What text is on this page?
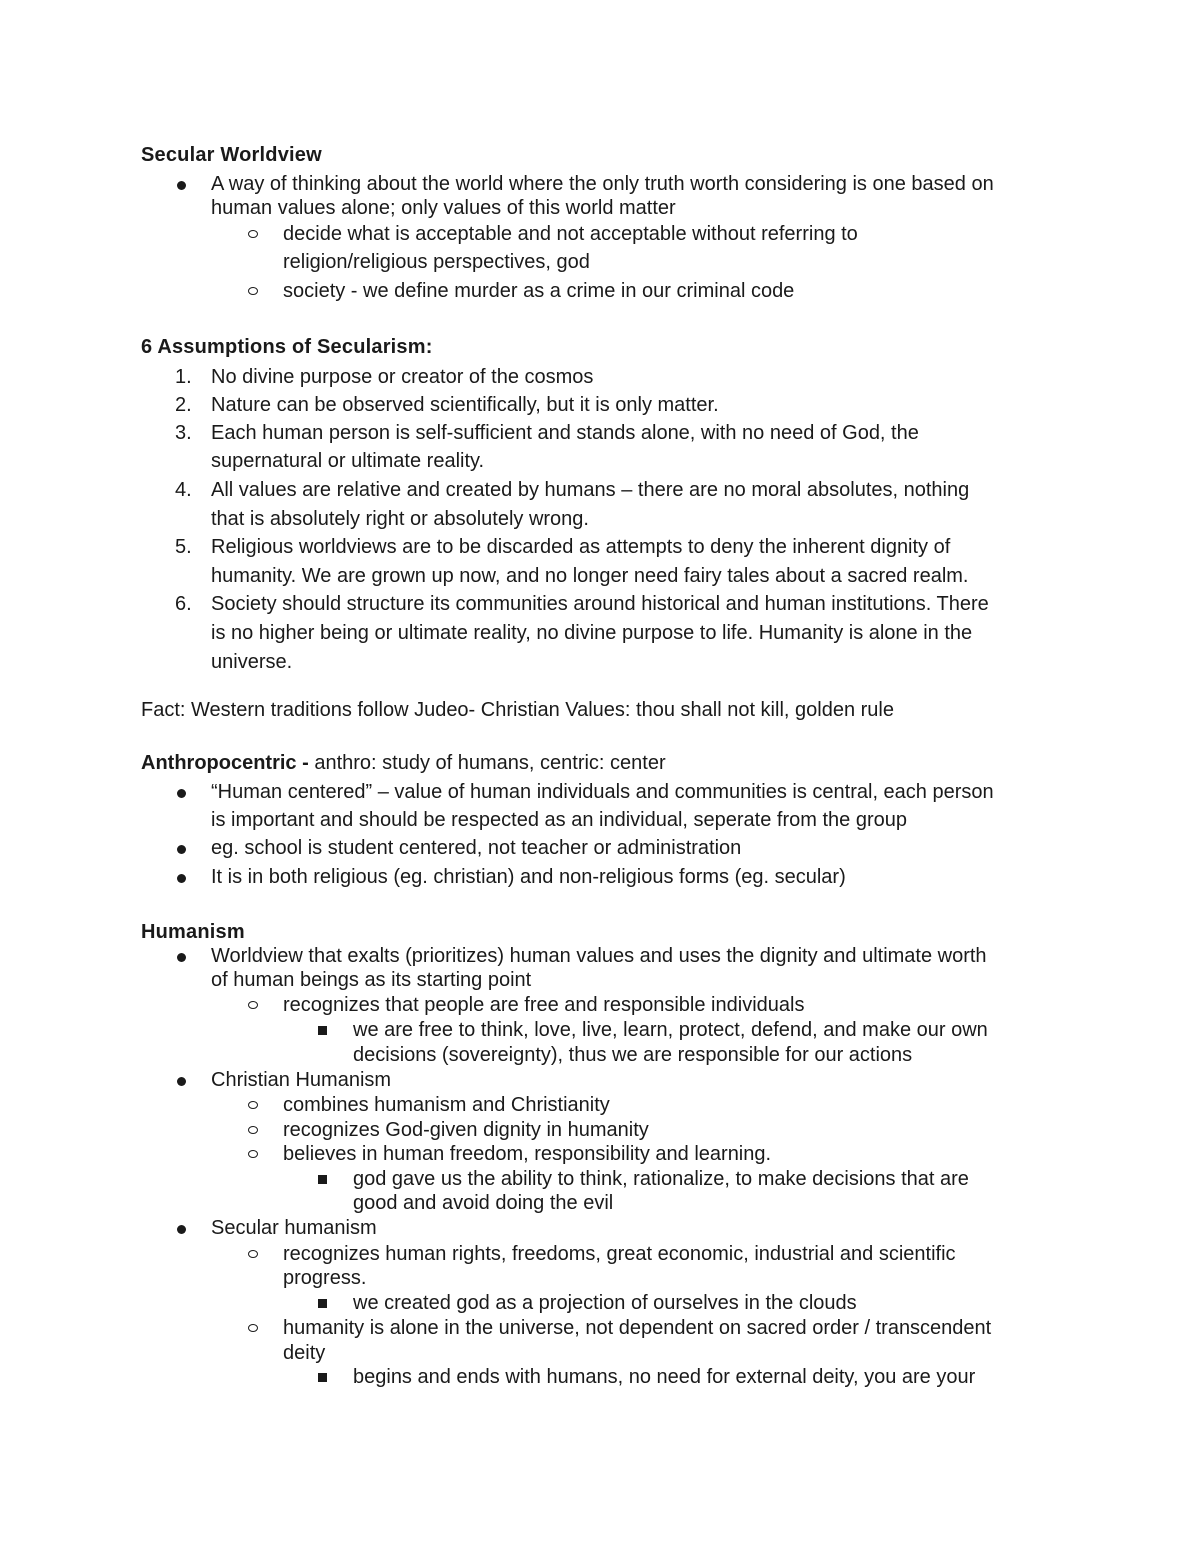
Secular Worldview
A way of thinking about the world where the only truth worth considering is one based on
human values alone; only values of this world matter
decide what is acceptable and not acceptable without referring to
religion/religious perspectives, god
society - we define murder as a crime in our criminal code
6 Assumptions of Secularism:
1. No divine purpose or creator of the cosmos
2. Nature can be observed scientifically, but it is only matter.
3. Each human person is self-sufficient and stands alone, with no need of God, the
supernatural or ultimate reality.
4. All values are relative and created by humans – there are no moral absolutes, nothing
that is absolutely right or absolutely wrong.
5. Religious worldviews are to be discarded as attempts to deny the inherent dignity of
humanity. We are grown up now, and no longer need fairy tales about a sacred realm.
6. Society should structure its communities around historical and human institutions. There
is no higher being or ultimate reality, no divine purpose to life. Humanity is alone in the
universe.
Fact: Western traditions follow Judeo- Christian Values: thou shall not kill, golden rule
Anthropocentric - anthro: study of humans, centric: center
“Human centered” – value of human individuals and communities is central, each person
is important and should be respected as an individual, seperate from the group
eg. school is student centered, not teacher or administration
It is in both religious (eg. christian) and non-religious forms (eg. secular)
Humanism
Worldview that exalts (prioritizes) human values and uses the dignity and ultimate worth
of human beings as its starting point
recognizes that people are free and responsible individuals
we are free to think, love, live, learn, protect, defend, and make our own
decisions (sovereignty), thus we are responsible for our actions
Christian Humanism
combines humanism and Christianity
recognizes God-given dignity in humanity
believes in human freedom, responsibility and learning.
god gave us the ability to think, rationalize, to make decisions that are
good and avoid doing the evil
Secular humanism
recognizes human rights, freedoms, great economic, industrial and scientific
progress.
we created god as a projection of ourselves in the clouds
humanity is alone in the universe, not dependent on sacred order / transcendent
deity
begins and ends with humans, no need for external deity, you are your
